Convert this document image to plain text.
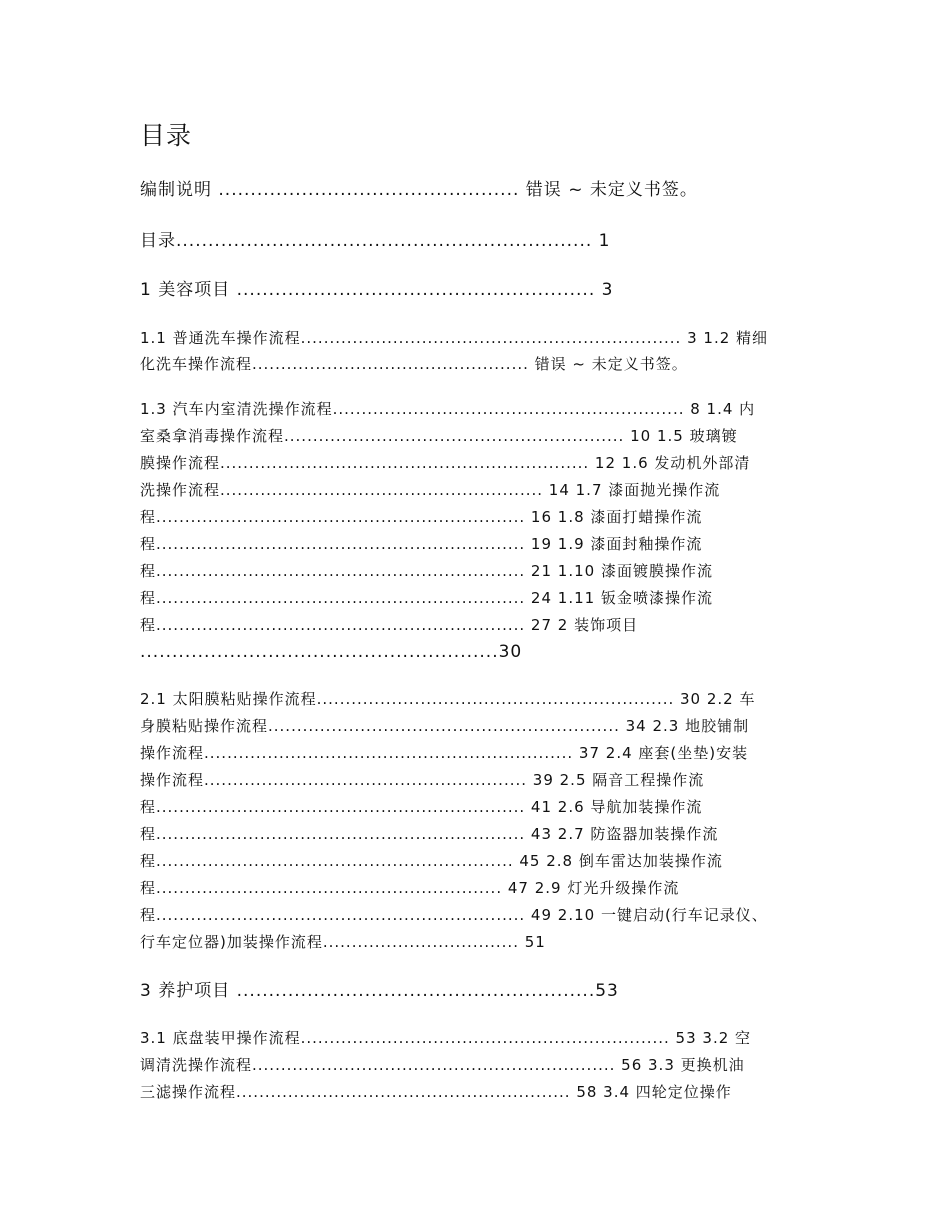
目录
编制说明 ............................................... 错误 ~ 未定义书签。
目录................................................................. 1
1 美容项目 ........................................................ 3
1.1 普通洗车操作流程.................................................................. 3 1.2 精细
化洗车操作流程................................................ 错误 ~ 未定义书签。
1.3 汽车内室清洗操作流程............................................................. 8 1.4 内
室桑拿消毒操作流程........................................................... 10 1.5 玻璃镀
膜操作流程................................................................ 12 1.6 发动机外部清
洗操作流程........................................................ 14 1.7 漆面抛光操作流
程................................................................ 16 1.8 漆面打蜡操作流
程................................................................ 19 1.9 漆面封釉操作流
程................................................................ 21 1.10 漆面镀膜操作流
程................................................................ 24 1.11 钣金喷漆操作流
程................................................................ 27 2 装饰项目
........................................................30
2.1 太阳膜粘贴操作流程.............................................................. 30 2.2 车
身膜粘贴操作流程............................................................. 34 2.3 地胶铺制
操作流程................................................................ 37 2.4 座套(坐垫)安装
操作流程........................................................ 39 2.5 隔音工程操作流
程................................................................ 41 2.6 导航加装操作流
程................................................................ 43 2.7 防盗器加装操作流
程.............................................................. 45 2.8 倒车雷达加装操作流
程............................................................ 47 2.9 灯光升级操作流
程................................................................ 49 2.10 一键启动(行车记录仪、
行车定位器)加装操作流程.................................. 51
3 养护项目 ........................................................53
3.1 底盘装甲操作流程................................................................ 53 3.2 空
调清洗操作流程............................................................... 56 3.3 更换机油
三滤操作流程.......................................................... 58 3.4 四轮定位操作
